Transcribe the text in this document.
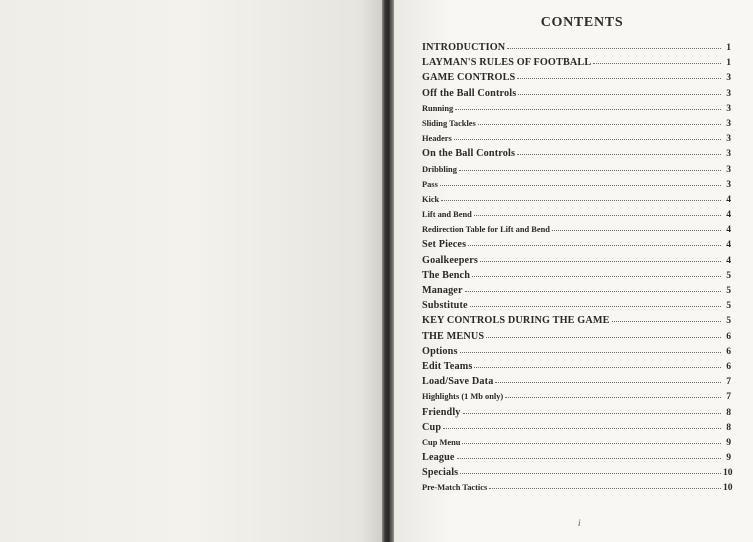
CONTENTS
INTRODUCTION	1
LAYMAN'S RULES OF FOOTBALL	1
GAME CONTROLS	3
Off the Ball Controls	3
Running	3
Sliding Tackles	3
Headers	3
On the Ball Controls	3
Dribbling	3
Pass	3
Kick	4
Lift and Bend	4
Redirection Table for Lift and Bend	4
Set Pieces	4
Goalkeepers	4
The Bench	5
Manager	5
Substitute	5
KEY CONTROLS DURING THE GAME	5
THE MENUS	6
Options	6
Edit Teams	6
Load/Save Data	7
Highlights (1 Mb only)	7
Friendly	8
Cup	8
Cup Menu	9
League	9
Specials	10
Pre-Match Tactics	10
i
